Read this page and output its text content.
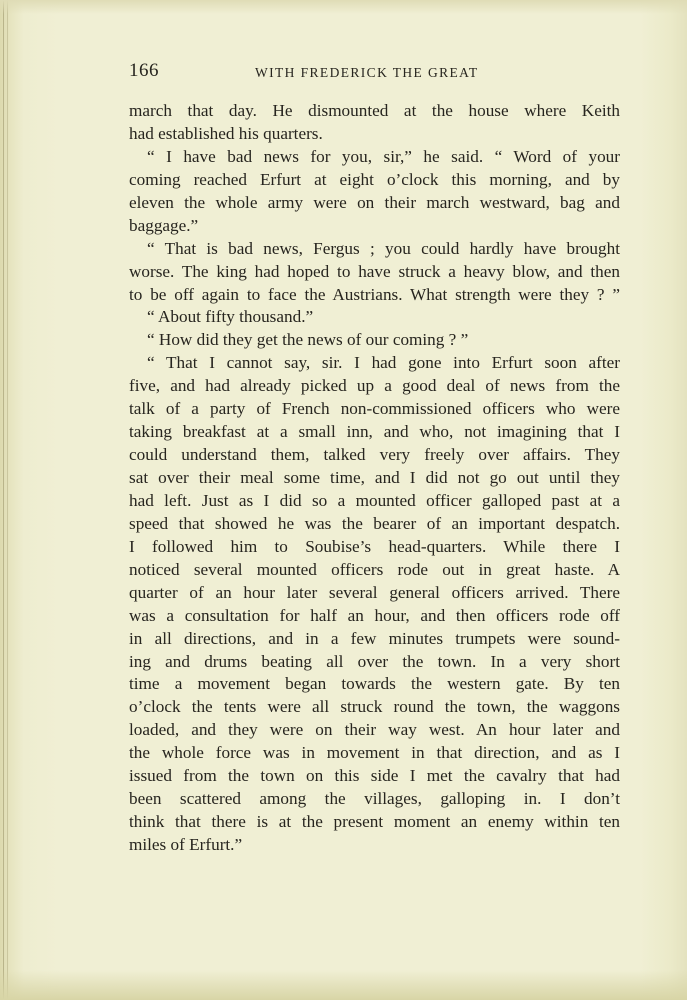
166	WITH FREDERICK THE GREAT
march that day. He dismounted at the house where Keith
had established his quarters.
“ I have bad news for you, sir,” he said. “ Word of your
coming reached Erfurt at eight o’clock this morning, and by
eleven the whole army were on their march westward, bag and
baggage.”
“ That is bad news, Fergus ; you could hardly have brought
worse. The king had hoped to have struck a heavy blow, and then
to be off again to face the Austrians. What strength were they ? ”
“ About fifty thousand.”
“ How did they get the news of our coming ? ”
“ That I cannot say, sir. I had gone into Erfurt soon after
five, and had already picked up a good deal of news from the
talk of a party of French non-commissioned officers who were
taking breakfast at a small inn, and who, not imagining that I
could understand them, talked very freely over affairs. They
sat over their meal some time, and I did not go out until they
had left. Just as I did so a mounted officer galloped past at a
speed that showed he was the bearer of an important despatch.
I followed him to Soubise’s head-quarters. While there I
noticed several mounted officers rode out in great haste. A
quarter of an hour later several general officers arrived. There
was a consultation for half an hour, and then officers rode off
in all directions, and in a few minutes trumpets were sound-
ing and drums beating all over the town. In a very short
time a movement began towards the western gate. By ten
o’clock the tents were all struck round the town, the waggons
loaded, and they were on their way west. An hour later and
the whole force was in movement in that direction, and as I
issued from the town on this side I met the cavalry that had
been scattered among the villages, galloping in. I don’t
think that there is at the present moment an enemy within ten
miles of Erfurt.”
